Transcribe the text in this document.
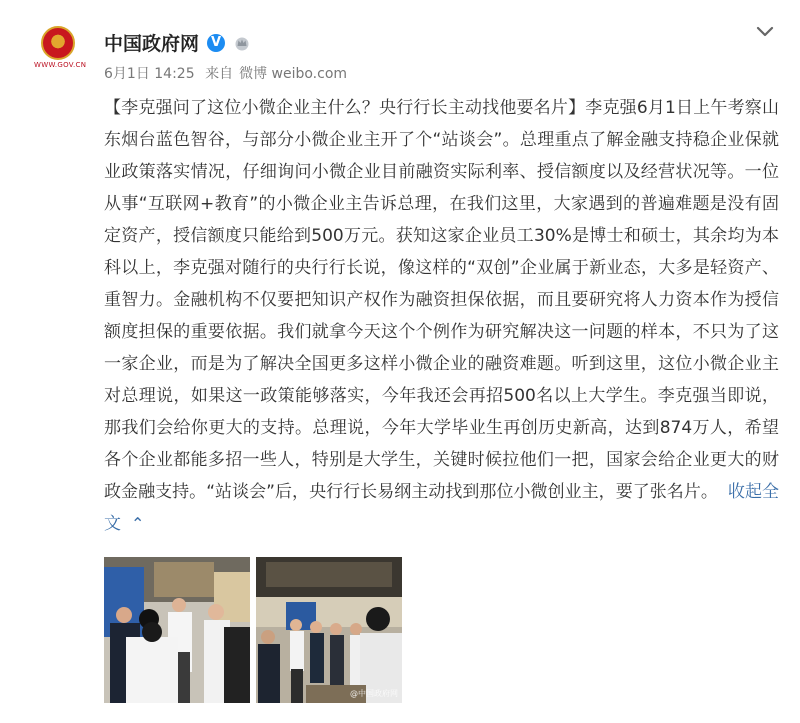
WWW.GOV.CN
中国政府网 V
6月1日 14:25 来自 微博 weibo.com
【李克强问了这位小微企业主什么？央行行长主动找他要名片】李克强6月1日上午考察山东烟台蓝色智谷，与部分小微企业主开了个“站谈会”。总理重点了解金融支持稳企业保就业政策落实情况，仔细询问小微企业目前融资实际利率、授信额度以及经营状况等。一位从事“互联网+教育”的小微企业主告诉总理，在我们这里，大家遇到的普遍难题是没有固定资产，授信额度只能给到500万元。获知这家企业员工30%是博士和硕士，其余均为本科以上，李克强对随行的央行行长说，像这样的“双创”企业属于新业态，大多是轻资产、重智力。金融机构不仅要把知识产权作为融资担保依据，而且要研究将人力资本作为授信额度担保的重要依据。我们就拿今天这个个例作为研究解决这一问题的样本，不只为了这一家企业，而是为了解决全国更多这样小微企业的融资难题。听到这里，这位小微企业主对总理说，如果这一政策能够落实，今年我还会再招500名以上大学生。李克强当即说，那我们会给你更大的支持。总理说，今年大学毕业生再创历史新高，达到874万人，希望各个企业都能多招一些人，特别是大学生，关键时候拉他们一把，国家会给企业更大的财政金融支持。“站谈会”后，央行行长易纲主动找到那位小微创业主，要了张名片。 收起全文 ⌃
@中国政府网
